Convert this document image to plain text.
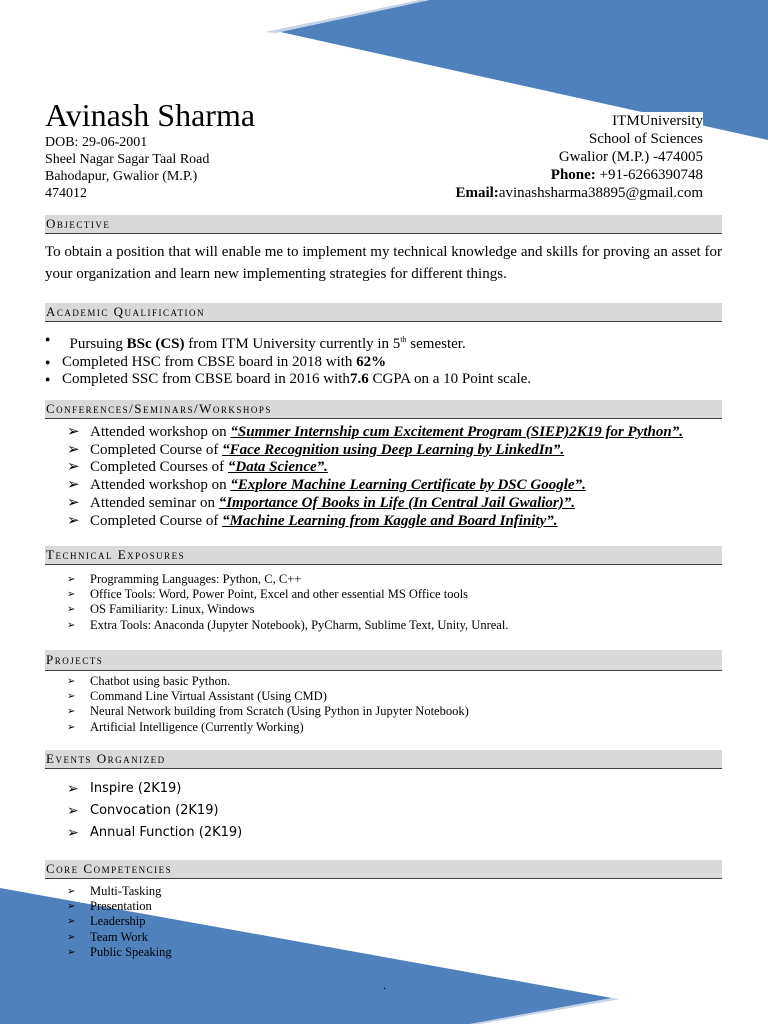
Avinash Sharma
DOB: 29-06-2001
Sheel Nagar Sagar Taal Road
Bahodapur, Gwalior (M.P.)
474012
ITMUniversity
School of Sciences
Gwalior (M.P.) -474005
Phone: +91-6266390748
Email:avinashsharma38895@gmail.com
Objective
To obtain a position that will enable me to implement my technical knowledge and skills for proving an asset for your organization and learn new implementing strategies for different things.
Academic Qualification
● Pursuing BSc (CS) from ITM University currently in 5th semester.
● Completed HSC from CBSE board in 2018 with 62%
● Completed SSC from CBSE board in 2016 with7.6 CGPA on a 10 Point scale.
Conferences/Seminars/Workshops
➢ Attended workshop on “Summer Internship cum Excitement Program (SIEP)2K19 for Python”.
➢ Completed Course of “Face Recognition using Deep Learning by LinkedIn”.
➢ Completed Courses of “Data Science”.
➢ Attended workshop on “Explore Machine Learning Certificate by DSC Google”.
➢ Attended seminar on “Importance Of Books in Life (In Central Jail Gwalior)”.
➢ Completed Course of “Machine Learning from Kaggle and Board Infinity”.
Technical Exposures
➢ Programming Languages: Python, C, C++
➢ Office Tools: Word, Power Point, Excel and other essential MS Office tools
➢ OS Familiarity: Linux, Windows
➢ Extra Tools: Anaconda (Jupyter Notebook), PyCharm, Sublime Text, Unity, Unreal.
Projects
➢ Chatbot using basic Python.
➢ Command Line Virtual Assistant (Using CMD)
➢ Neural Network building from Scratch (Using Python in Jupyter Notebook)
➢ Artificial Intelligence (Currently Working)
Events Organized
➢ Inspire (2K19)
➢ Convocation (2K19)
➢ Annual Function (2K19)
Core Competencies
➢ Multi-Tasking
➢ Presentation
➢ Leadership
➢ Team Work
➢ Public Speaking
.
